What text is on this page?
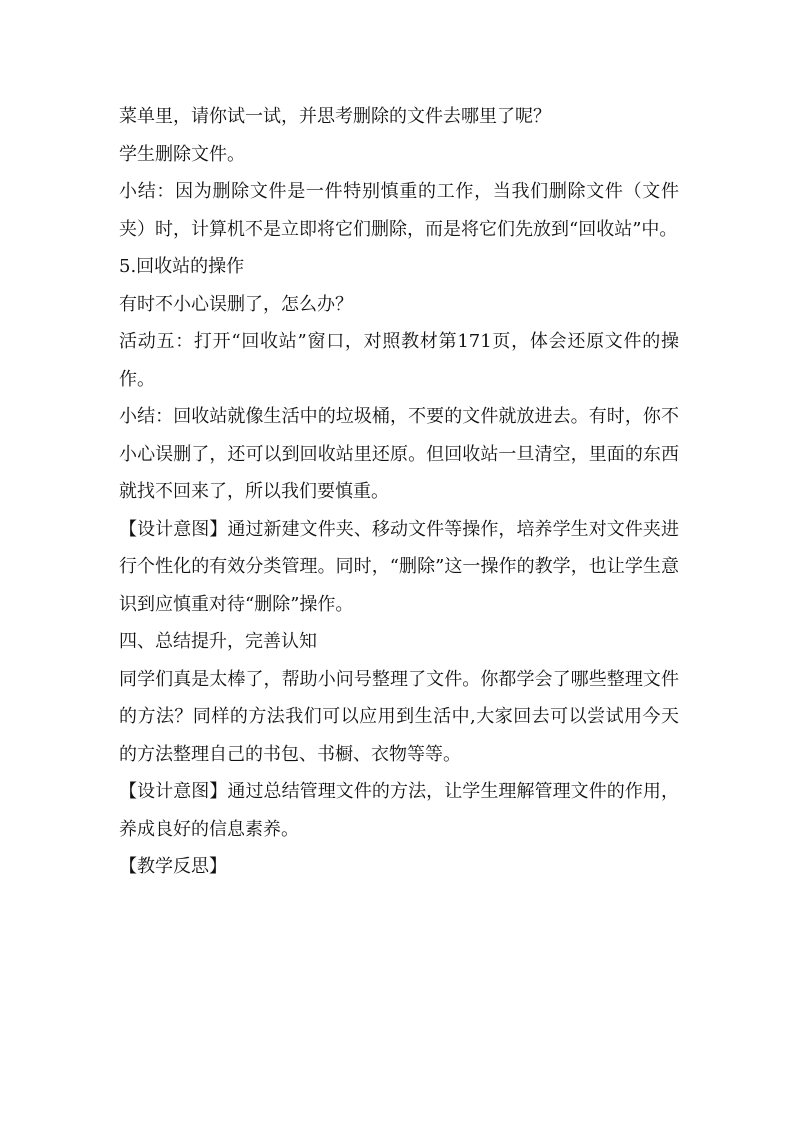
菜单里，请你试一试，并思考删除的文件去哪里了呢？

学生删除文件。

小结：因为删除文件是一件特别慎重的工作，当我们删除文件（文件夹）时，计算机不是立即将它们删除，而是将它们先放到“回收站”中。

5.回收站的操作

有时不小心误删了，怎么办？

活动五：打开“回收站”窗口，对照教材第171页，体会还原文件的操作。

小结：回收站就像生活中的垃圾桶，不要的文件就放进去。有时，你不小心误删了，还可以到回收站里还原。但回收站一旦清空，里面的东西就找不回来了，所以我们要慎重。

【设计意图】通过新建文件夹、移动文件等操作，培养学生对文件夹进行个性化的有效分类管理。同时，“删除”这一操作的教学，也让学生意识到应慎重对待“删除”操作。

四、总结提升，完善认知

同学们真是太棒了，帮助小问号整理了文件。你都学会了哪些整理文件的方法？同样的方法我们可以应用到生活中,大家回去可以尝试用今天的方法整理自己的书包、书橱、衣物等等。

【设计意图】通过总结管理文件的方法，让学生理解管理文件的作用，养成良好的信息素养。

【教学反思】
